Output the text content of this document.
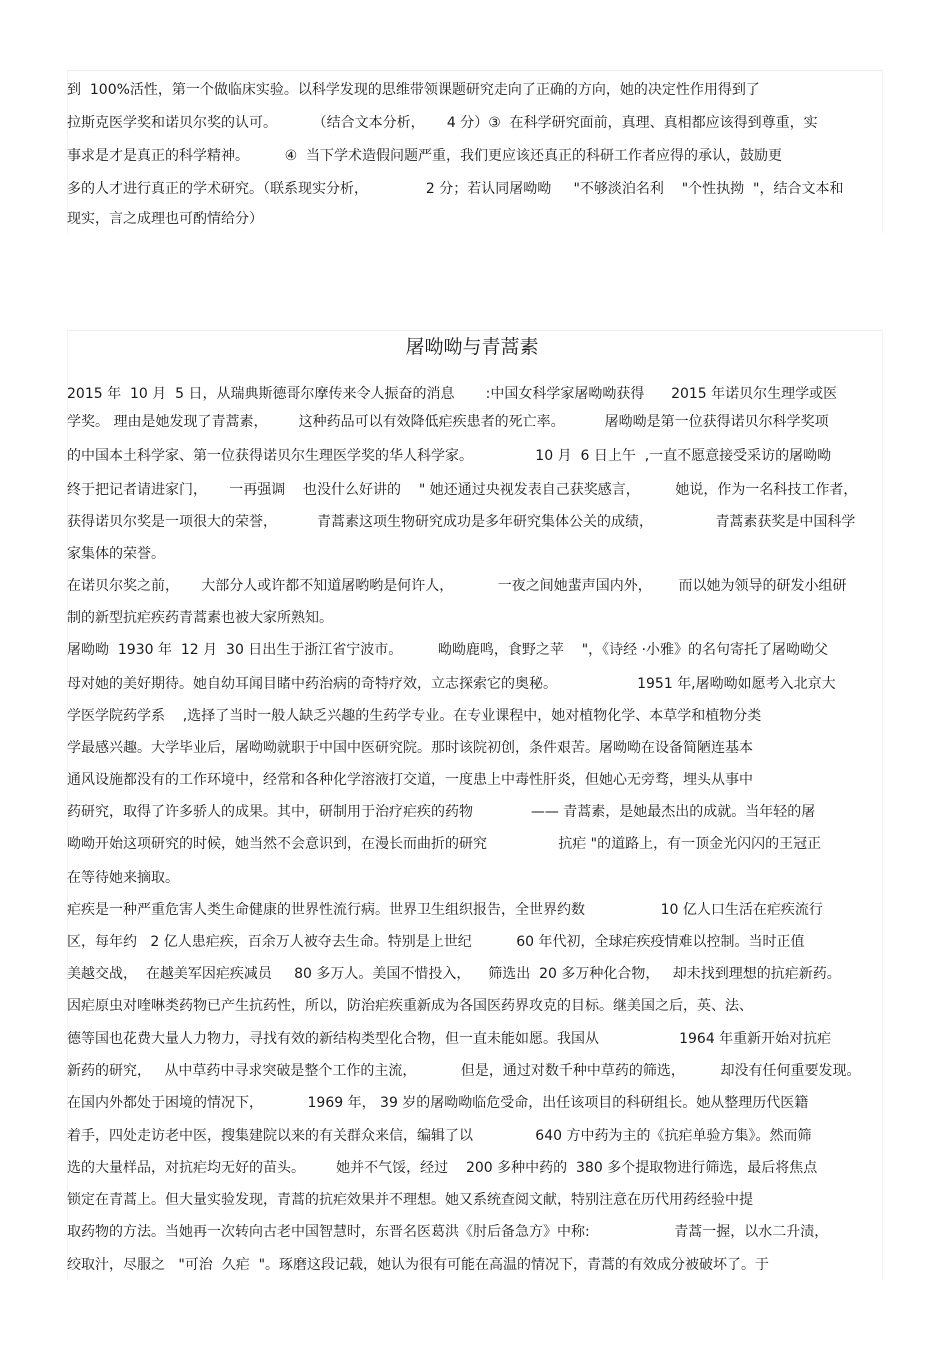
到  100%活性，第一个做临床实验。以科学发现的思维带领课题研究走向了正确的方向，她的决定性作用得到了
拉斯克医学奖和诺贝尔奖的认可。        （结合文本分析，     4 分）③  在科学研究面前，真理、真相都应该得到尊重，实
事求是才是真正的科学精神。        ④  当下学术造假问题严重，我们更应该还真正的科研工作者应得的承认，鼓励更
多的人才进行真正的学术研究。（联系现实分析，             2 分；若认同屠呦呦     "不够淡泊名利    "个性执拗  "，结合文本和
现实，言之成理也可酌情给分）
屠呦呦与青蒿素
2015 年  10 月  5 日，从瑞典斯德哥尔摩传来令人振奋的消息       :中国女科学家屠呦呦获得      2015 年诺贝尔生理学或医
学奖。 理由是她发现了青蒿素，       这种药品可以有效降低疟疾患者的死亡率。         屠呦呦是第一位获得诺贝尔科学奖项
的中国本土科学家、第一位获得诺贝尔生理医学奖的华人科学家。              10 月  6 日上午  ,一直不愿意接受采访的屠呦呦
终于把记者请进家门，     一再强调    也没什么好讲的    " 她还通过央视发表自己获奖感言，        她说，作为一名科技工作者，
获得诺贝尔奖是一项很大的荣誉，         青蒿素这项生物研究成功是多年研究集体公关的成绩，              青蒿素获奖是中国科学
家集体的荣誉。
在诺贝尔奖之前，     大部分人或许都不知道屠哟哟是何许人，          一夜之间她蜚声国内外，      而以她为领导的研发小组研
制的新型抗疟疾药青蒿素也被大家所熟知。
屠呦呦  1930 年  12 月  30 日出生于浙江省宁波市。        呦呦鹿鸣，食野之苹    "，《诗经 ·小雅》的名句寄托了屠呦呦父
母对她的美好期待。她自幼耳闻目睹中药治病的奇特疗效，立志探索它的奥秘。                  1951 年,屠呦呦如愿考入北京大
学医学院药学系    ,选择了当时一般人缺乏兴趣的生药学专业。在专业课程中，她对植物化学、本草学和植物分类
学最感兴趣。大学毕业后，屠呦呦就职于中国中医研究院。那时该院初创，条件艰苦。屠呦呦在设备简陋连基本
通风设施都没有的工作环境中，经常和各种化学溶液打交道，一度患上中毒性肝炎，但她心无旁骛，埋头从事中
药研究，取得了许多骄人的成果。其中，研制用于治疗疟疾的药物             —— 青蒿素，是她最杰出的成就。当年轻的屠
呦呦开始这项研究的时候，她当然不会意识到，在漫长而曲折的研究                抗疟 "的道路上，有一顶金光闪闪的王冠正
在等待她来摘取。
疟疾是一种严重危害人类生命健康的世界性流行病。世界卫生组织报告，全世界约数                 10 亿人口生活在疟疾流行
区，每年约   2 亿人患疟疾，百余万人被夺去生命。特别是上世纪          60 年代初，全球疟疾疫情难以控制。当时正值
美越交战，  在越美军因疟疾减员     80 多万人。美国不惜投入，    筛选出  20 多万种化合物，   却未找到理想的抗疟新药。
因疟原虫对喹啉类药物已产生抗药性，所以，防治疟疾重新成为各国医药界攻克的目标。继美国之后，英、法、
德等国也花费大量人力物力，寻找有效的新结构类型化合物，但一直未能如愿。我国从                  1964 年重新开始对抗疟
新药的研究，   从中草药中寻求突破是整个工作的主流，          但是，通过对数千种中草药的筛选，        却没有任何重要发现。
在国内外都处于困境的情况下，          1969 年， 39 岁的屠呦呦临危受命，出任该项目的科研组长。她从整理历代医籍
着手，四处走访老中医，搜集建院以来的有关群众来信，编辑了以              640 方中药为主的《抗疟单验方集》。然而筛
选的大量样品，对抗疟均无好的苗头。       她并不气馁，经过    200 多种中药的  380 多个提取物进行筛选，最后将焦点
锁定在青蒿上。但大量实验发现，青蒿的抗疟效果并不理想。她又系统查阅文献，特别注意在历代用药经验中提
取药物的方法。当她再一次转向古老中国智慧时，东晋名医葛洪《肘后备急方》中称:                   青蒿一握，以水二升渍，
绞取汁，尽服之   "可治  久疟  "。琢磨这段记载，她认为很有可能在高温的情况下，青蒿的有效成分被破坏了。于
